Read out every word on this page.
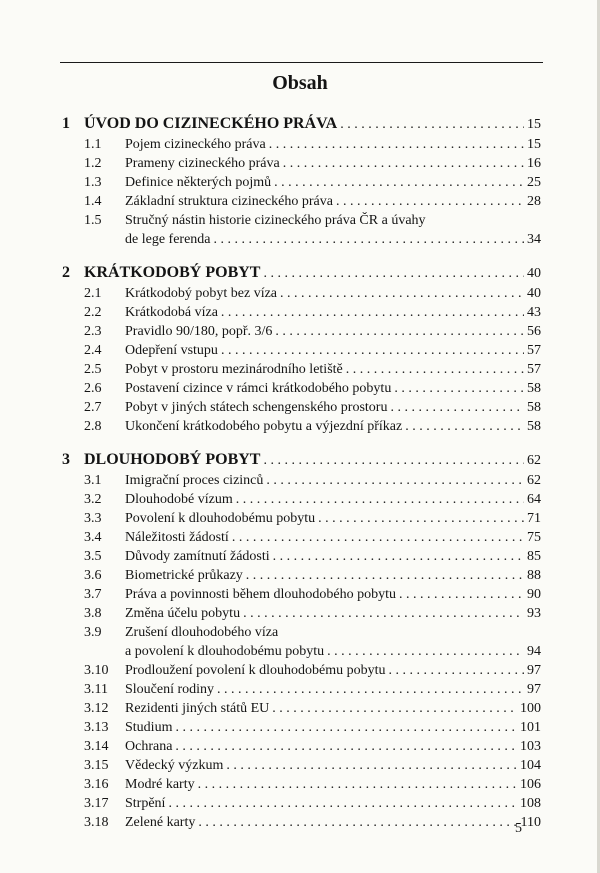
Obsah
1 ÚVOD DO CIZINECKÉHO PRÁVA . . .	15
1.1	Pojem cizineckého práva . . .	15
1.2	Prameny cizineckého práva . . .	16
1.3	Definice některých pojmů . . .	25
1.4	Základní struktura cizineckého práva . . .	28
1.5	Stručný nástin historie cizineckého práva ČR a úvahy
de lege ferenda . . .	34
2 KRÁTKODOBÝ POBYT . . .	40
2.1	Krátkodobý pobyt bez víza . . .	40
2.2	Krátkodobá víza . . .	43
2.3	Pravidlo 90/180, popř. 3/6 . . .	56
2.4	Odepření vstupu . . .	57
2.5	Pobyt v prostoru mezinárodního letiště . . .	57
2.6	Postavení cizince v rámci krátkodobého pobytu . . .	58
2.7	Pobyt v jiných státech schengenského prostoru . . .	58
2.8	Ukončení krátkodobého pobytu a výjezdní příkaz . . .	58
3 DLOUHODOBÝ POBYT . . .	62
3.1	Imigrační proces cizinců . . .	62
3.2	Dlouhodobé vízum . . .	64
3.3	Povolení k dlouhodobému pobytu . . .	71
3.4	Náležitosti žádostí . . .	75
3.5	Důvody zamítnutí žádosti . . .	85
3.6	Biometrické průkazy . . .	88
3.7	Práva a povinnosti během dlouhodobého pobytu . . .	90
3.8	Změna účelu pobytu . . .	93
3.9	Zrušení dlouhodobého víza
a povolení k dlouhodobému pobytu . . .	94
3.10	Prodloužení povolení k dlouhodobému pobytu . . .	97
3.11	Sloučení rodiny . . .	97
3.12	Rezidenti jiných států EU . . .	100
3.13	Studium . . .	101
3.14	Ochrana . . .	103
3.15	Vědecký výzkum . . .	104
3.16	Modré karty . . .	106
3.17	Strpění . . .	108
3.18	Zelené karty . . .	110
5
